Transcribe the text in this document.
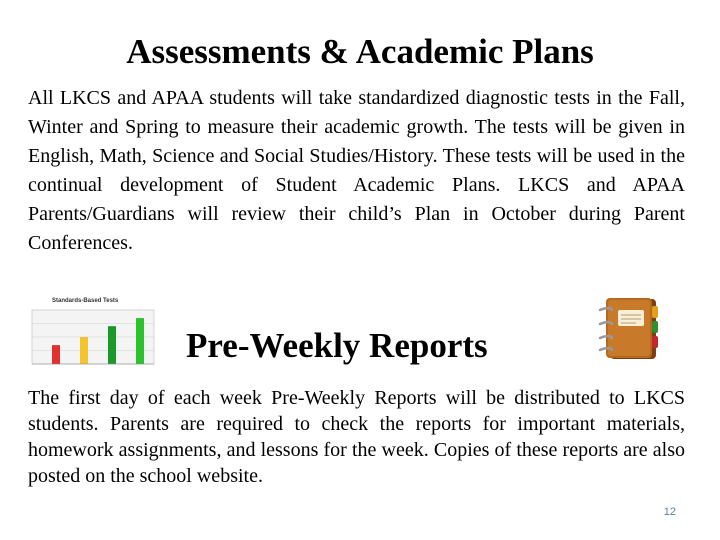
Assessments & Academic Plans

All LKCS and APAA students will take standardized diagnostic tests in the Fall, Winter and Spring to measure their academic growth. The tests will be given in English, Math, Science and Social Studies/History. These tests will be used in the continual development of Student Academic Plans. LKCS and APAA Parents/Guardians will review their child’s Plan in October during Parent Conferences.

Standards-Based Tests
Pre-Weekly Reports

The first day of each week Pre-Weekly Reports will be distributed to LKCS students. Parents are required to check the reports for important materials, homework assignments, and lessons for the week. Copies of these reports are also posted on the school website.

12
